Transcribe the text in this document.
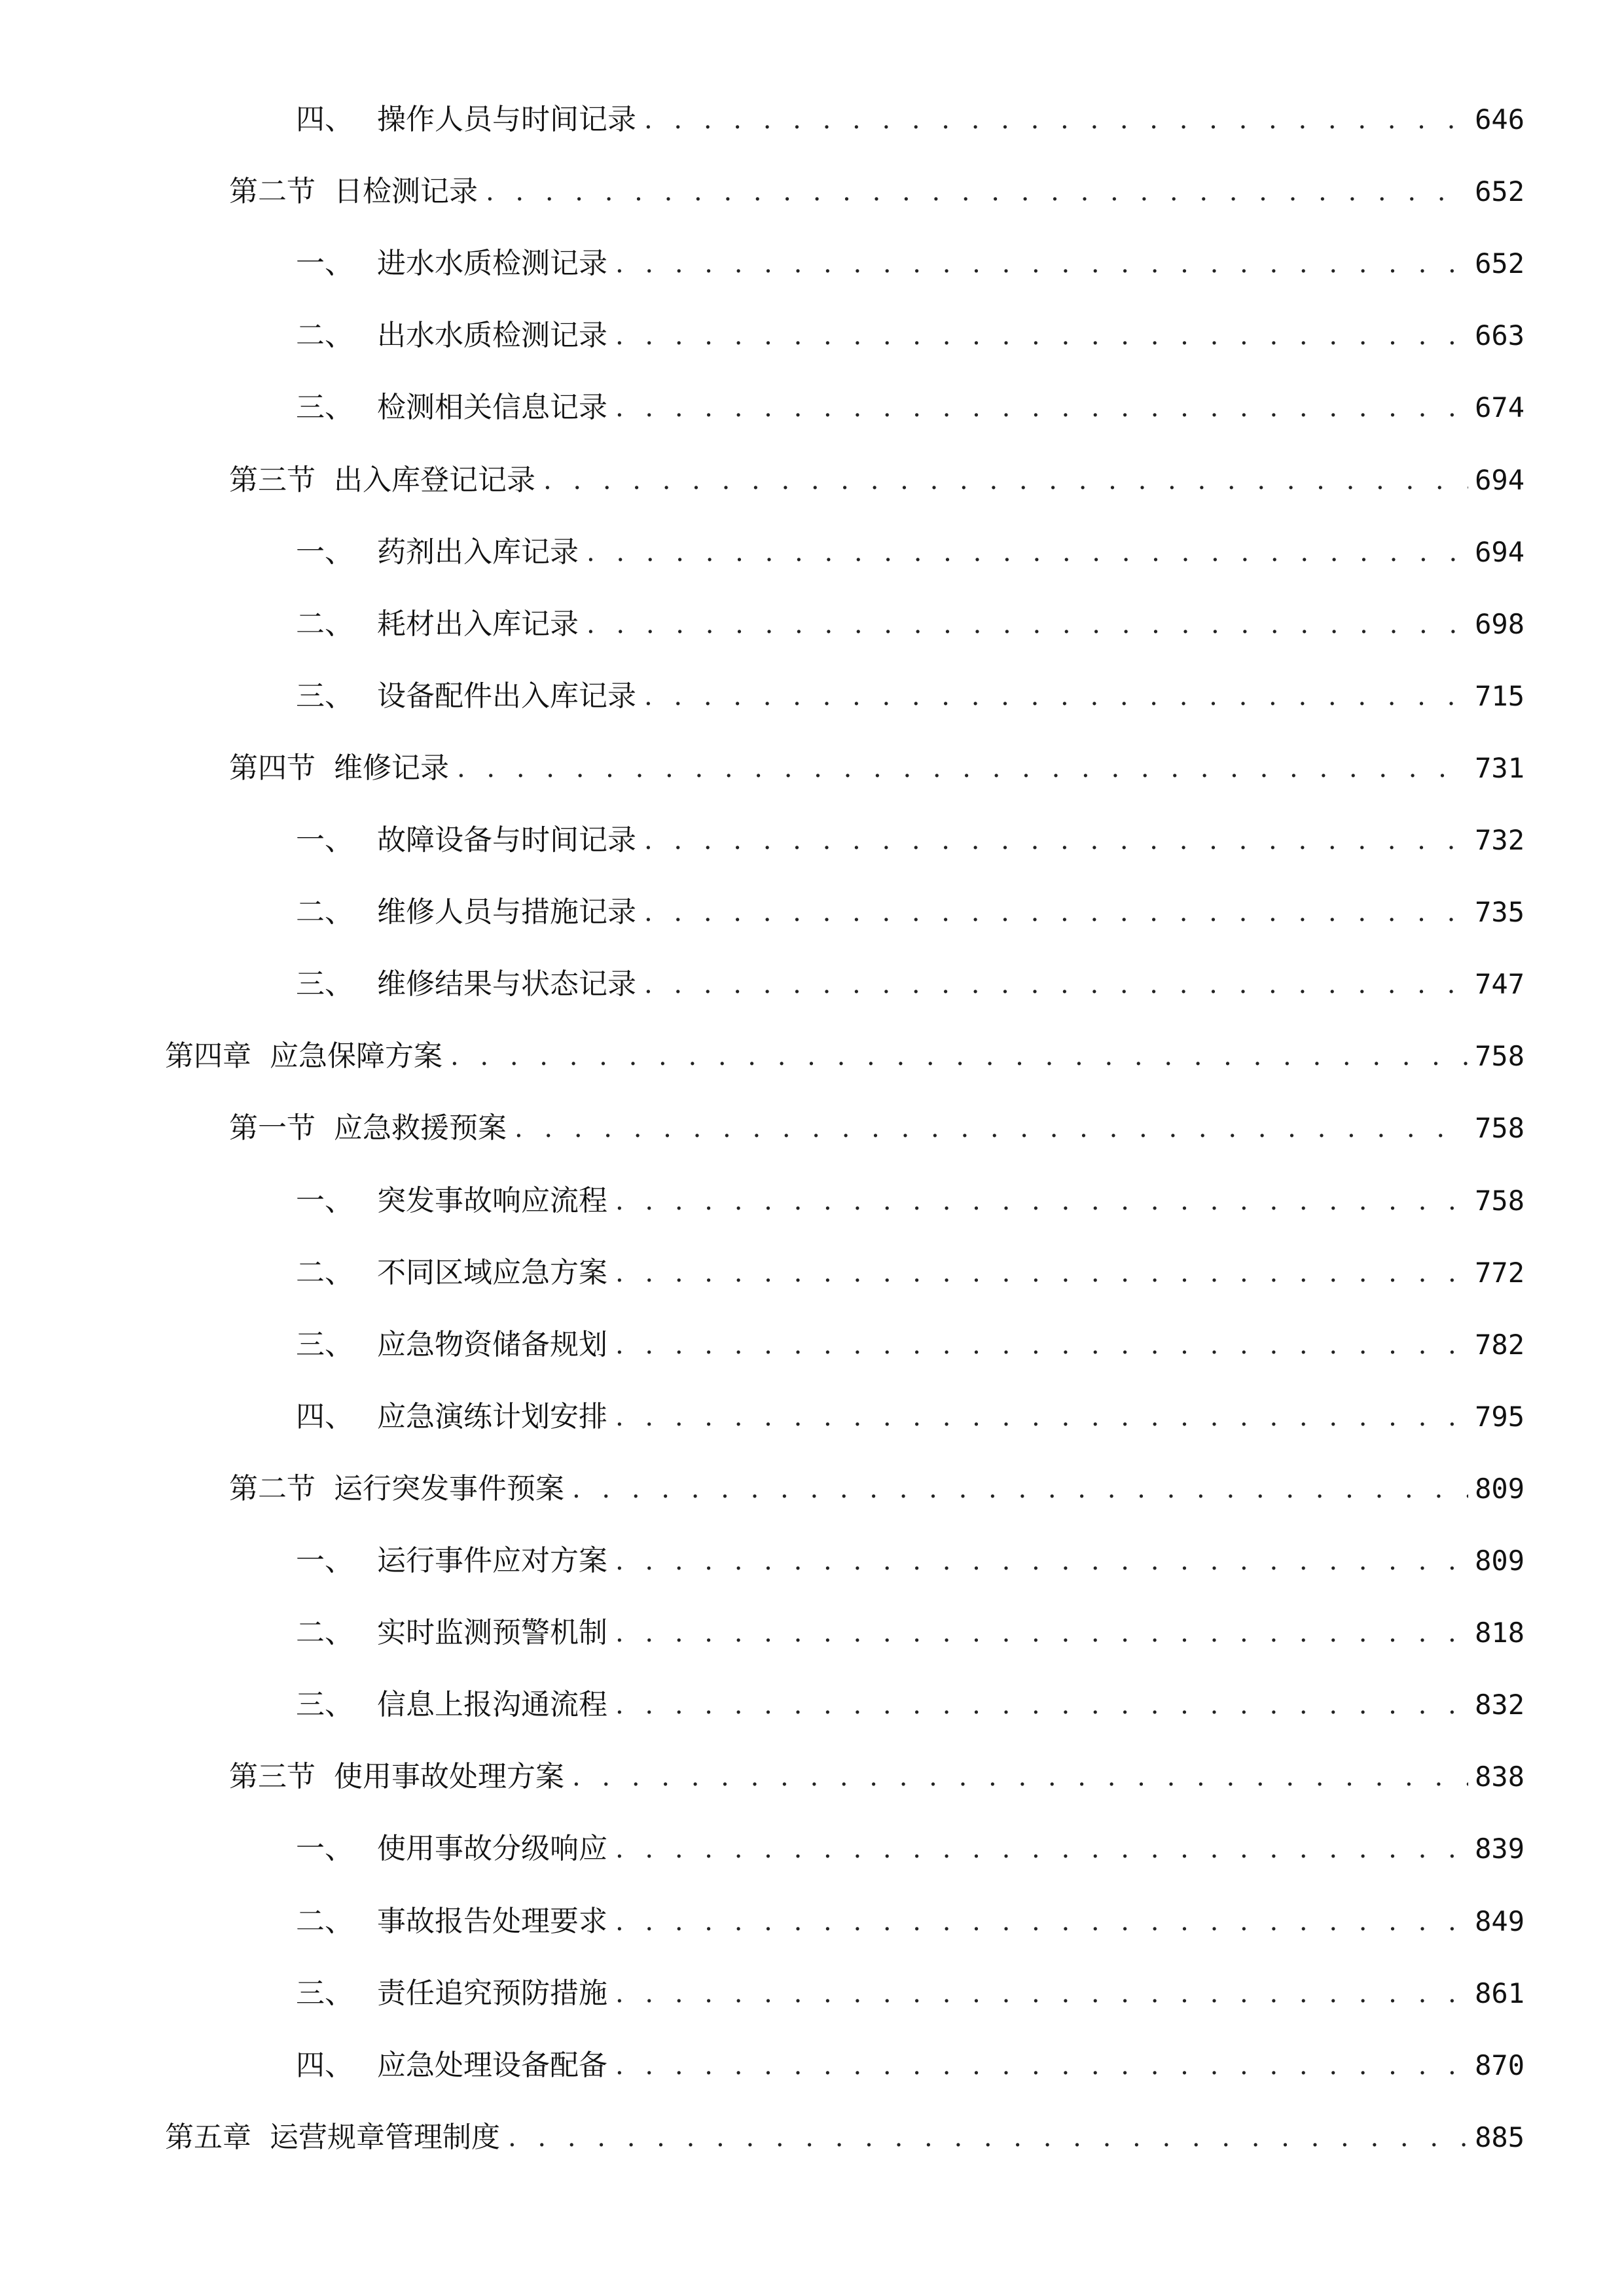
四、 操作人员与时间记录 . . .	646
第二节 日检测记录 . . .	652
一、 进水水质检测记录 . . .	652
二、 出水水质检测记录 . . .	663
三、 检测相关信息记录 . . .	674
第三节 出入库登记记录 . . .	694
一、 药剂出入库记录 . . .	694
二、 耗材出入库记录 . . .	698
三、 设备配件出入库记录 . . .	715
第四节 维修记录 . . .	731
一、 故障设备与时间记录 . . .	732
二、 维修人员与措施记录 . . .	735
三、 维修结果与状态记录 . . .	747
第四章 应急保障方案 . . .	758
第一节 应急救援预案 . . .	758
一、 突发事故响应流程 . . .	758
二、 不同区域应急方案 . . .	772
三、 应急物资储备规划 . . .	782
四、 应急演练计划安排 . . .	795
第二节 运行突发事件预案 . . .	809
一、 运行事件应对方案 . . .	809
二、 实时监测预警机制 . . .	818
三、 信息上报沟通流程 . . .	832
第三节 使用事故处理方案 . . .	838
一、 使用事故分级响应 . . .	839
二、 事故报告处理要求 . . .	849
三、 责任追究预防措施 . . .	861
四、 应急处理设备配备 . . .	870
第五章 运营规章管理制度 . . .	885
